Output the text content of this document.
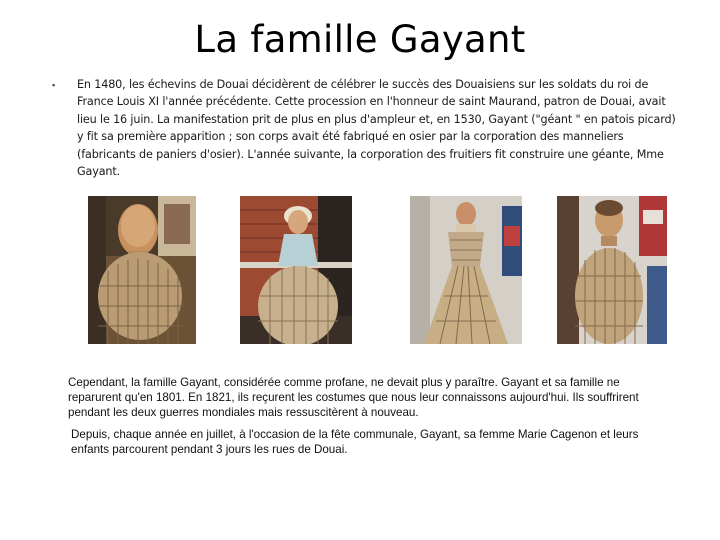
La famille Gayant
▪ En 1480, les échevins de Douai décidèrent de célébrer le succès des Douaisiens sur les soldats du roi de France Louis XI l'année précédente. Cette procession en l'honneur de saint Maurand, patron de Douai, avait lieu le 16 juin. La manifestation prit de plus en plus d'ampleur et, en 1530, Gayant ("géant " en patois picard) y fit sa première apparition ; son corps avait été fabriqué en osier par la corporation des manneliers (fabricants de paniers d'osier). L'année suivante, la corporation des fruitiers fit construire une géante, Mme Gayant.
Cependant, la famille Gayant, considérée comme profane, ne devait plus y paraître. Gayant et sa famille ne reparurent qu'en 1801. En 1821, ils reçurent les costumes que nous leur connaissons aujourd'hui. Ils souffrirent pendant les deux guerres mondiales mais ressuscitèrent à nouveau.
Depuis, chaque année en juillet, à l'occasion de la fête communale, Gayant, sa femme Marie Cagenon et leurs enfants parcourent pendant 3 jours les rues de Douai.
